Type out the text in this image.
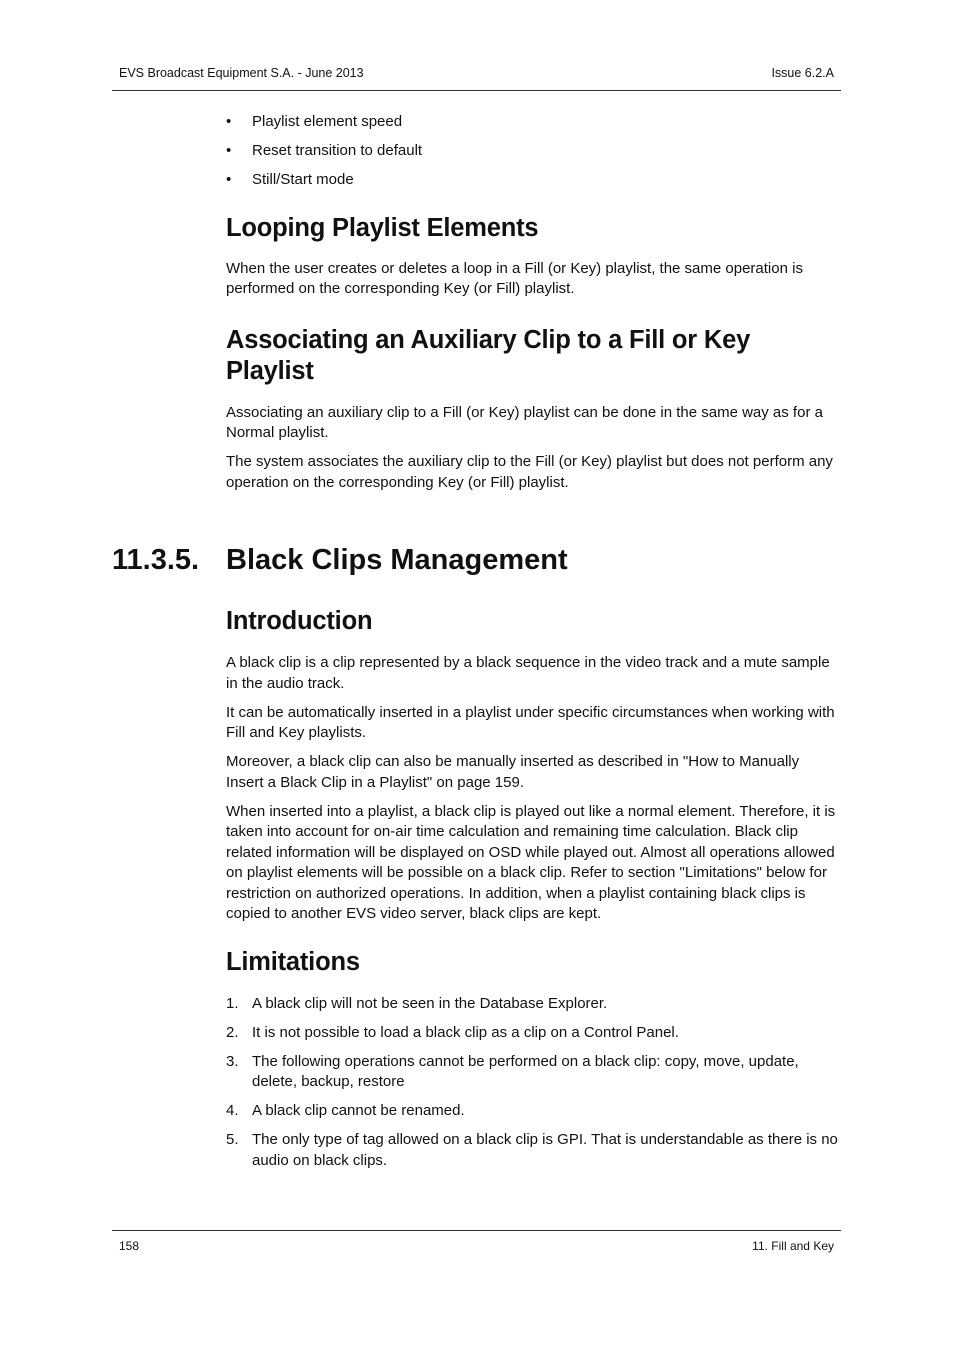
EVS Broadcast Equipment S.A. - June 2013	Issue 6.2.A
• Playlist element speed
• Reset transition to default
• Still/Start mode
Looping Playlist Elements

When the user creates or deletes a loop in a Fill (or Key) playlist, the same operation is performed on the corresponding Key (or Fill) playlist.

Associating an Auxiliary Clip to a Fill or Key Playlist

Associating an auxiliary clip to a Fill (or Key) playlist can be done in the same way as for a Normal playlist.

The system associates the auxiliary clip to the Fill (or Key) playlist but does not perform any operation on the corresponding Key (or Fill) playlist.

11.3.5. Black Clips Management
Introduction

A black clip is a clip represented by a black sequence in the video track and a mute sample in the audio track.

It can be automatically inserted in a playlist under specific circumstances when working with Fill and Key playlists.

Moreover, a black clip can also be manually inserted as described in "How to Manually Insert a Black Clip in a Playlist" on page 159.

When inserted into a playlist, a black clip is played out like a normal element. Therefore, it is taken into account for on-air time calculation and remaining time calculation. Black clip related information will be displayed on OSD while played out. Almost all operations allowed on playlist elements will be possible on a black clip. Refer to section "Limitations" below for restriction on authorized operations. In addition, when a playlist containing black clips is copied to another EVS video server, black clips are kept.

Limitations
1. A black clip will not be seen in the Database Explorer.
2. It is not possible to load a black clip as a clip on a Control Panel.
3. The following operations cannot be performed on a black clip: copy, move, update, delete, backup, restore
4. A black clip cannot be renamed.
5. The only type of tag allowed on a black clip is GPI. That is understandable as there is no audio on black clips.
158	11. Fill and Key
